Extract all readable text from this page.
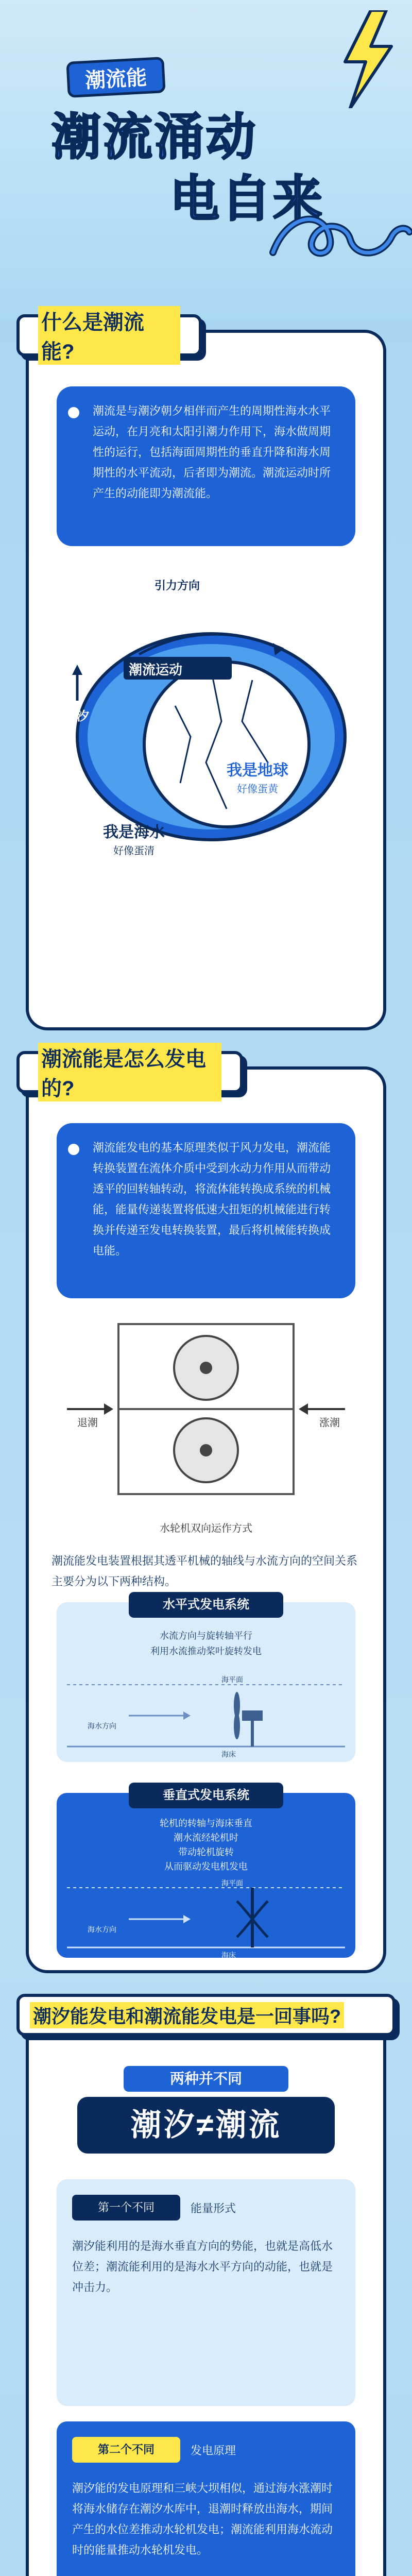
潮流能
潮流涌动
电自来
什么是潮流能?
潮流是与潮汐朝夕相伴而产生的周期性海水水平运动，在月亮和太阳引潮力作用下，海水做周期性的运行，包括海面周期性的垂直升降和海水周期性的水平流动，后者即为潮流。潮流运动时所产生的动能即为潮流能。
引力方向
潮流运动
潮汐
我是地球
好像蛋黄
我是海水
好像蛋清
潮流能是怎么发电的?
潮流能发电的基本原理类似于风力发电，潮流能转换装置在流体介质中受到水动力作用从而带动透平的回转轴转动，将流体能转换成系统的机械能，能量传递装置将低速大扭矩的机械能进行转换并传递至发电转换装置，最后将机械能转换成电能。
退潮	涨潮
水轮机双向运作方式
潮流能发电装置根据其透平机械的轴线与水流方向的空间关系主要分为以下两种结构。
水平式发电系统
水流方向与旋转轴平行
利用水流推动桨叶旋转发电
海水方向
海平面
海床
垂直式发电系统
轮机的转轴与海床垂直
潮水流经轮机时
带动轮机旋转
从而驱动发电机发电
海水方向
海平面
海床
潮汐能发电和潮流能发电是一回事吗?
两种并不同
潮汐≠潮流
第一个不同	能量形式
潮汐能利用的是海水垂直方向的势能，也就是高低水位差；潮流能利用的是海水水平方向的动能，也就是冲击力。
第二个不同	发电原理
潮汐能的发电原理和三峡大坝相似，通过海水涨潮时将海水储存在潮汐水库中，退潮时释放出海水，期间产生的水位差推动水轮机发电；潮流能利用海水流动时的能量推动水轮机发电。
